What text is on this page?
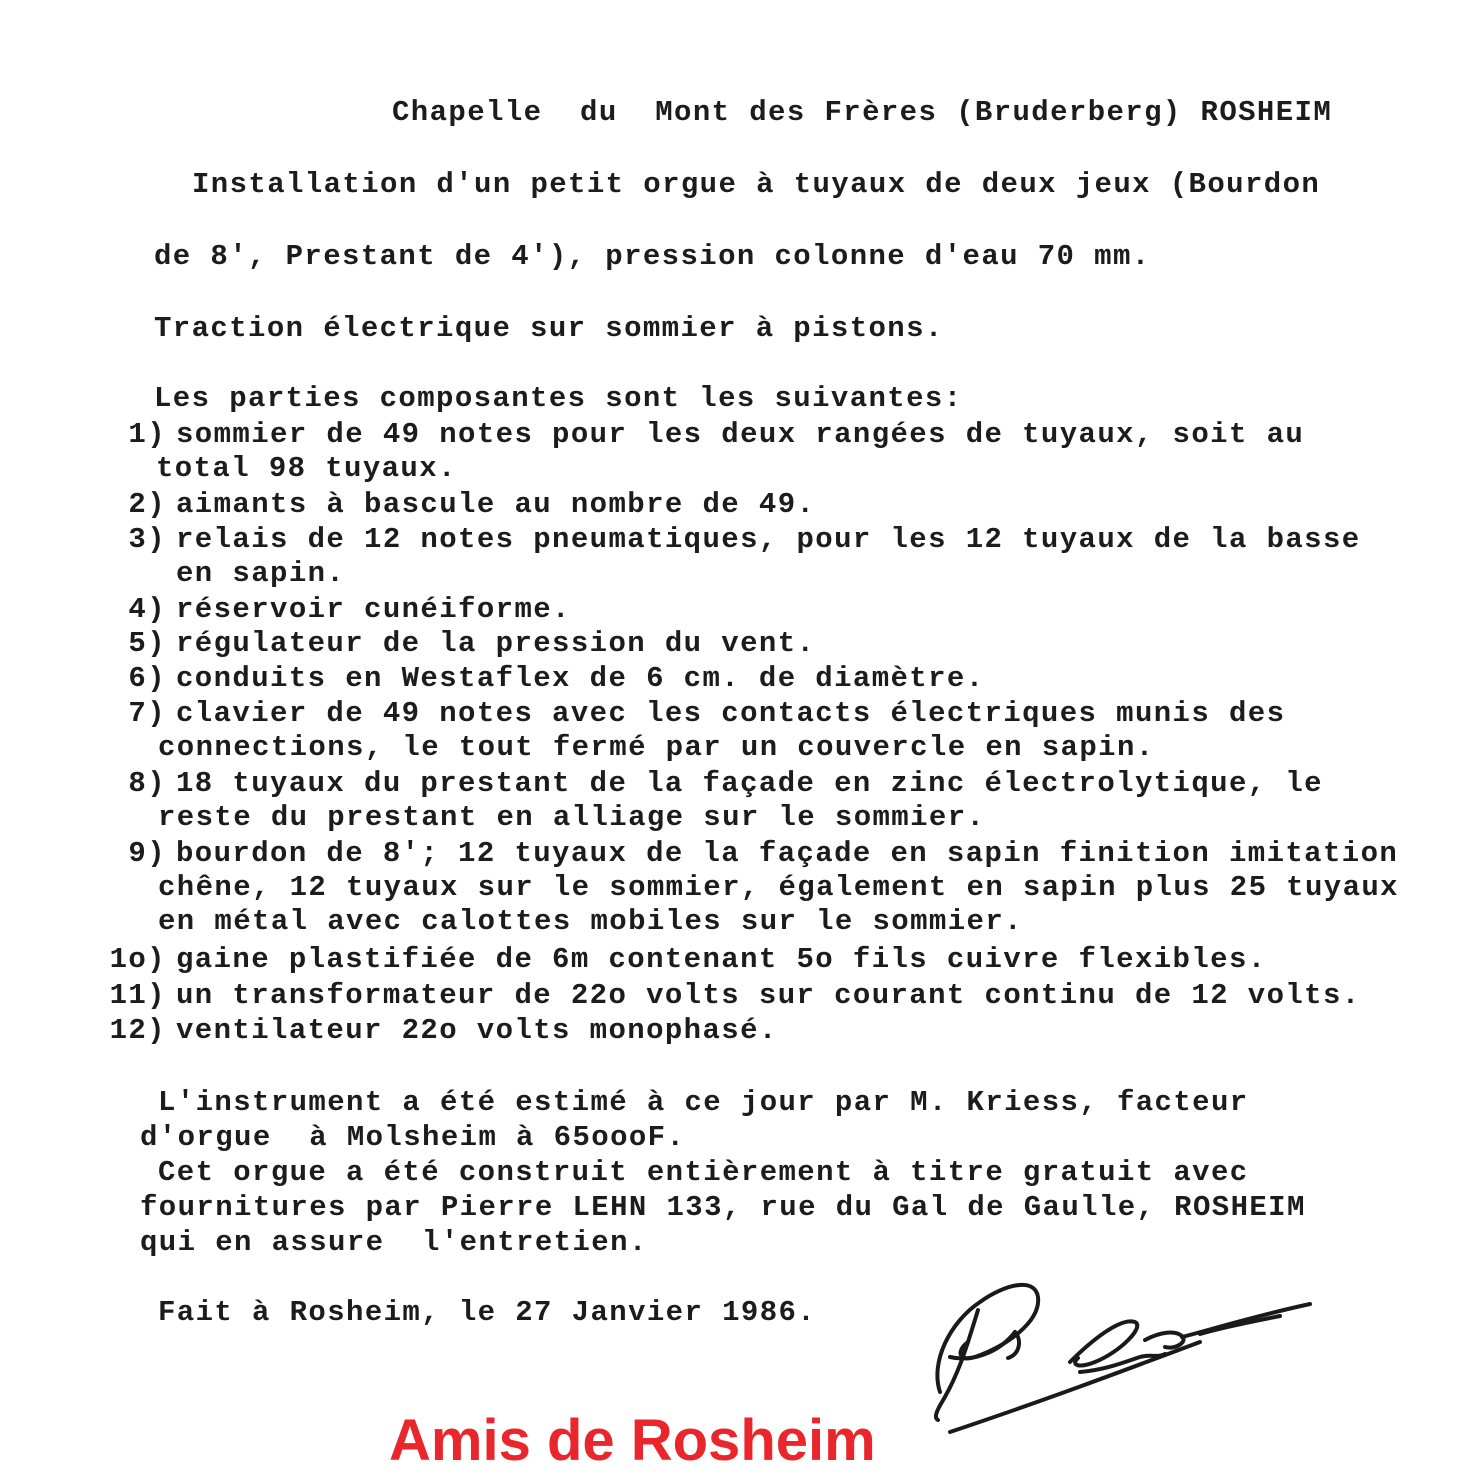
Chapelle  du  Mont des Frères (Bruderberg) ROSHEIM
Installation d'un petit orgue à tuyaux de deux jeux (Bourdon
de 8', Prestant de 4'), pression colonne d'eau 70 mm.
Traction électrique sur sommier à pistons.
Les parties composantes sont les suivantes:

1)

sommier de 49 notes pour les deux rangées de tuyaux, soit au

total 98 tuyaux.

2)

aimants à bascule au nombre de 49.

3)

relais de 12 notes pneumatiques, pour les 12 tuyaux de la basse

en sapin.

4)

réservoir cunéiforme.

5)

régulateur de la pression du vent.

6)

conduits en Westaflex de 6 cm. de diamètre.

7)

clavier de 49 notes avec les contacts électriques munis des

connections, le tout fermé par un couvercle en sapin.

8)

18 tuyaux du prestant de la façade en zinc électrolytique, le

reste du prestant en alliage sur le sommier.

9)

bourdon de 8'; 12 tuyaux de la façade en sapin finition imitation

chêne, 12 tuyaux sur le sommier, également en sapin plus 25 tuyaux

en métal avec calottes mobiles sur le sommier.

1o)

gaine plastifiée de 6m contenant 5o fils cuivre flexibles.

11)

un transformateur de 22o volts sur courant continu de 12 volts.

12)

ventilateur 22o volts monophasé.

L'instrument a été estimé à ce jour par M. Kriess, facteur
d'orgue  à Molsheim à 65oooF.
Cet orgue a été construit entièrement à titre gratuit avec
fournitures par Pierre LEHN 133, rue du Gal de Gaulle, ROSHEIM
qui en assure  l'entretien.
Fait à Rosheim, le 27 Janvier 1986.
Amis de Rosheim
